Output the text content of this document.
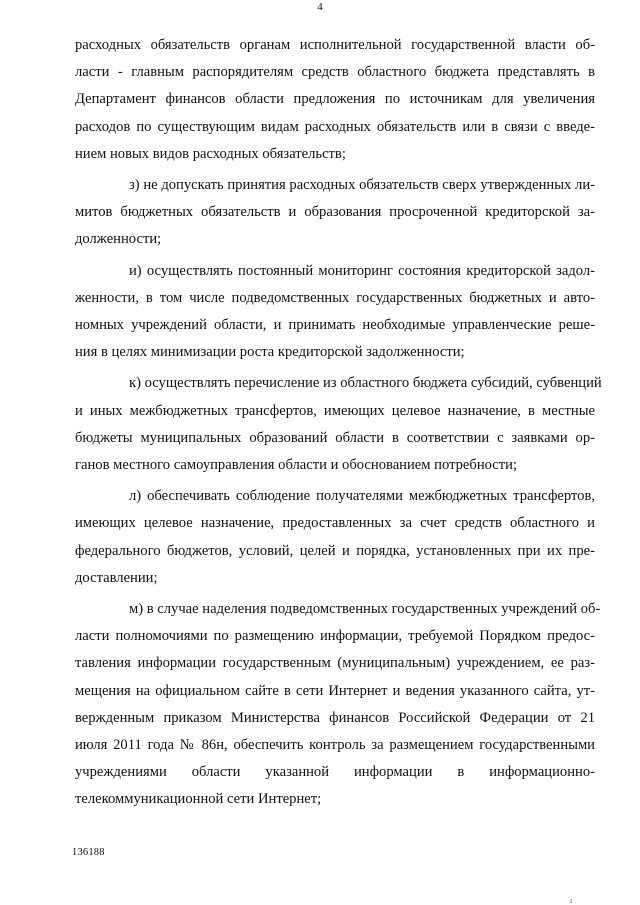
4
расходных обязательств органам исполнительной государственной власти об-
ласти - главным распорядителям средств областного бюджета представлять в
Департамент финансов области предложения по источникам для увеличения
расходов по существующим видам расходных обязательств или в связи с введе-
нием новых видов расходных обязательств;
з) не допускать принятия расходных обязательств сверх утвержденных ли-
митов бюджетных обязательств и образования просроченной кредиторской за-
долженности;
и) осуществлять постоянный мониторинг состояния кредиторской задол-
женности, в том числе подведомственных государственных бюджетных и авто-
номных учреждений области, и принимать необходимые управленческие реше-
ния в целях минимизации роста кредиторской задолженности;
к) осуществлять перечисление из областного бюджета субсидий, субвенций
и иных межбюджетных трансфертов, имеющих целевое назначение, в местные
бюджеты муниципальных образований области в соответствии с заявками ор-
ганов местного самоуправления области и обоснованием потребности;
л) обеспечивать соблюдение получателями межбюджетных трансфертов,
имеющих целевое назначение, предоставленных за счет средств областного и
федерального бюджетов, условий, целей и порядка, установленных при их пре-
доставлении;
м) в случае наделения подведомственных государственных учреждений об-
ласти полномочиями по размещению информации, требуемой Порядком предос-
тавления информации государственным (муниципальным) учреждением, ее раз-
мещения на официальном сайте в сети Интернет и ведения указанного сайта, ут-
вержденным приказом Министерства финансов Российской Федерации от 21
июля 2011 года № 86н, обеспечить контроль за размещением государственными
учреждениями области указанной информации в информационно-
телекоммуникационной сети Интернет;
136188
ı
